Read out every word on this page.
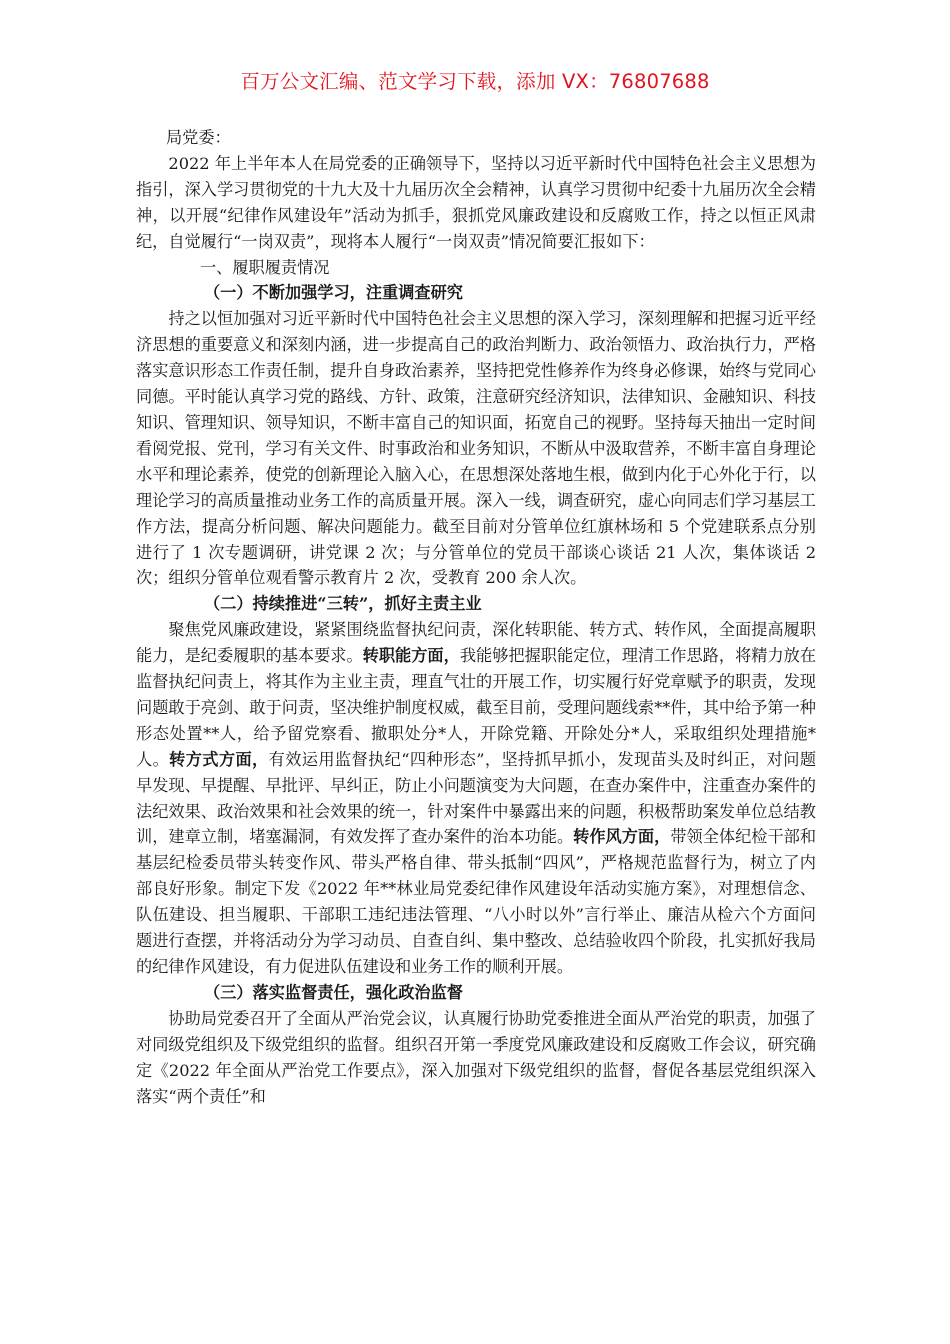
百万公文汇编、范文学习下载，添加 VX：76807688

局党委：

2022 年上半年本人在局党委的正确领导下，坚持以习近平新时代中国特色社会主义思想为指引，深入学习贯彻党的十九大及十九届历次全会精神，认真学习贯彻中纪委十九届历次全会精神，以开展“纪律作风建设年”活动为抓手，狠抓党风廉政建设和反腐败工作，持之以恒正风肃纪，自觉履行“一岗双责”，现将本人履行“一岗双责”情况简要汇报如下：

一、履职履责情况

（一）不断加强学习，注重调查研究

持之以恒加强对习近平新时代中国特色社会主义思想的深入学习，深刻理解和把握习近平经济思想的重要意义和深刻内涵，进一步提高自己的政治判断力、政治领悟力、政治执行力，严格落实意识形态工作责任制，提升自身政治素养，坚持把党性修养作为终身必修课，始终与党同心同德。平时能认真学习党的路线、方针、政策，注意研究经济知识，法律知识、金融知识、科技知识、管理知识、领导知识，不断丰富自己的知识面，拓宽自己的视野。坚持每天抽出一定时间看阅党报、党刊，学习有关文件、时事政治和业务知识，不断从中汲取营养，不断丰富自身理论水平和理论素养，使党的创新理论入脑入心，在思想深处落地生根，做到内化于心外化于行，以理论学习的高质量推动业务工作的高质量开展。深入一线，调查研究，虚心向同志们学习基层工作方法，提高分析问题、解决问题能力。截至目前对分管单位红旗林场和 5 个党建联系点分别进行了 1 次专题调研，讲党课 2 次；与分管单位的党员干部谈心谈话 21 人次，集体谈话 2 次；组织分管单位观看警示教育片 2 次，受教育 200 余人次。

（二）持续推进“三转”，抓好主责主业

聚焦党风廉政建设，紧紧围绕监督执纪问责，深化转职能、转方式、转作风，全面提高履职能力，是纪委履职的基本要求。转职能方面，我能够把握职能定位，理清工作思路，将精力放在监督执纪问责上，将其作为主业主责，理直气壮的开展工作，切实履行好党章赋予的职责，发现问题敢于亮剑、敢于问责，坚决维护制度权威，截至目前，受理问题线索**件，其中给予第一种形态处置**人，给予留党察看、撤职处分*人，开除党籍、开除处分*人，采取组织处理措施*人。转方式方面，有效运用监督执纪“四种形态”，坚持抓早抓小，发现苗头及时纠正，对问题早发现、早提醒、早批评、早纠正，防止小问题演变为大问题，在查办案件中，注重查办案件的法纪效果、政治效果和社会效果的统一，针对案件中暴露出来的问题，积极帮助案发单位总结教训，建章立制，堵塞漏洞，有效发挥了查办案件的治本功能。转作风方面，带领全体纪检干部和基层纪检委员带头转变作风、带头严格自律、带头抵制“四风”，严格规范监督行为，树立了内部良好形象。制定下发《2022 年**林业局党委纪律作风建设年活动实施方案》，对理想信念、队伍建设、担当履职、干部职工违纪违法管理、“八小时以外”言行举止、廉洁从检六个方面问题进行查摆，并将活动分为学习动员、自查自纠、集中整改、总结验收四个阶段，扎实抓好我局的纪律作风建设，有力促进队伍建设和业务工作的顺利开展。

（三）落实监督责任，强化政治监督

协助局党委召开了全面从严治党会议，认真履行协助党委推进全面从严治党的职责，加强了对同级党组织及下级党组织的监督。组织召开第一季度党风廉政建设和反腐败工作会议，研究确定《2022 年全面从严治党工作要点》，深入加强对下级党组织的监督，督促各基层党组织深入落实“两个责任”和
